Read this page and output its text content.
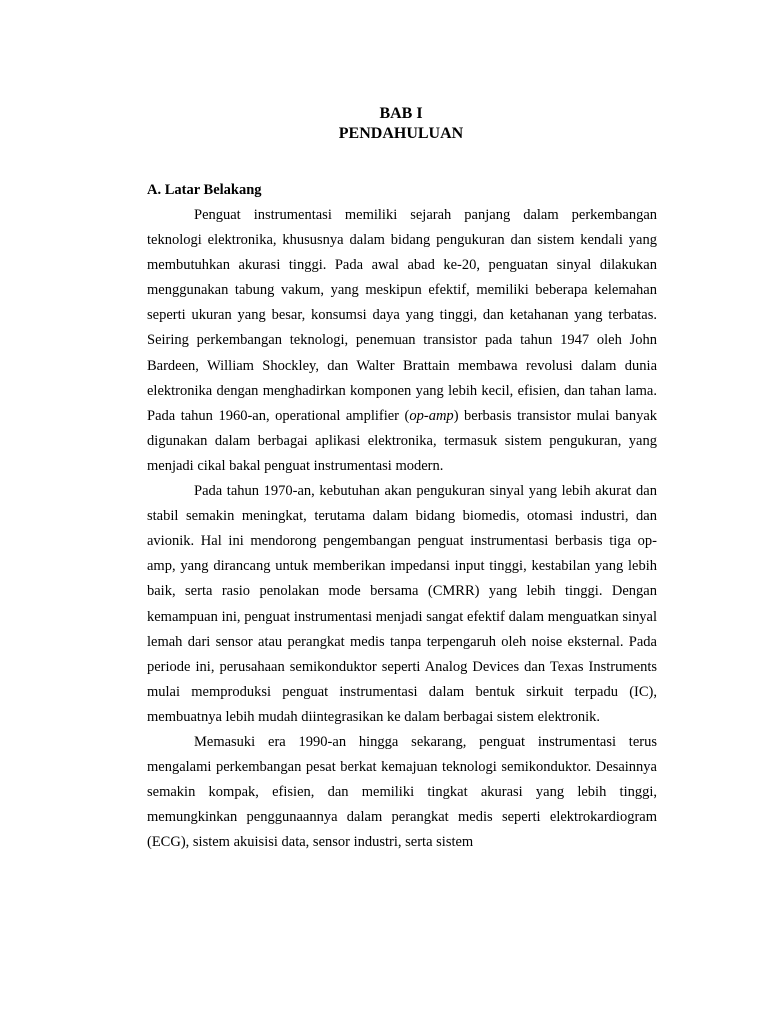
BAB I
PENDAHULUAN
A. Latar Belakang

Penguat instrumentasi memiliki sejarah panjang dalam perkembangan teknologi elektronika, khususnya dalam bidang pengukuran dan sistem kendali yang membutuhkan akurasi tinggi. Pada awal abad ke-20, penguatan sinyal dilakukan menggunakan tabung vakum, yang meskipun efektif, memiliki beberapa kelemahan seperti ukuran yang besar, konsumsi daya yang tinggi, dan ketahanan yang terbatas. Seiring perkembangan teknologi, penemuan transistor pada tahun 1947 oleh John Bardeen, William Shockley, dan Walter Brattain membawa revolusi dalam dunia elektronika dengan menghadirkan komponen yang lebih kecil, efisien, dan tahan lama. Pada tahun 1960-an, operational amplifier (op-amp) berbasis transistor mulai banyak digunakan dalam berbagai aplikasi elektronika, termasuk sistem pengukuran, yang menjadi cikal bakal penguat instrumentasi modern.

Pada tahun 1970-an, kebutuhan akan pengukuran sinyal yang lebih akurat dan stabil semakin meningkat, terutama dalam bidang biomedis, otomasi industri, dan avionik. Hal ini mendorong pengembangan penguat instrumentasi berbasis tiga op-amp, yang dirancang untuk memberikan impedansi input tinggi, kestabilan yang lebih baik, serta rasio penolakan mode bersama (CMRR) yang lebih tinggi. Dengan kemampuan ini, penguat instrumentasi menjadi sangat efektif dalam menguatkan sinyal lemah dari sensor atau perangkat medis tanpa terpengaruh oleh noise eksternal. Pada periode ini, perusahaan semikonduktor seperti Analog Devices dan Texas Instruments mulai memproduksi penguat instrumentasi dalam bentuk sirkuit terpadu (IC), membuatnya lebih mudah diintegrasikan ke dalam berbagai sistem elektronik.

Memasuki era 1990-an hingga sekarang, penguat instrumentasi terus mengalami perkembangan pesat berkat kemajuan teknologi semikonduktor. Desainnya semakin kompak, efisien, dan memiliki tingkat akurasi yang lebih tinggi, memungkinkan penggunaannya dalam perangkat medis seperti elektrokardiogram (ECG), sistem akuisisi data, sensor industri, serta sistem
